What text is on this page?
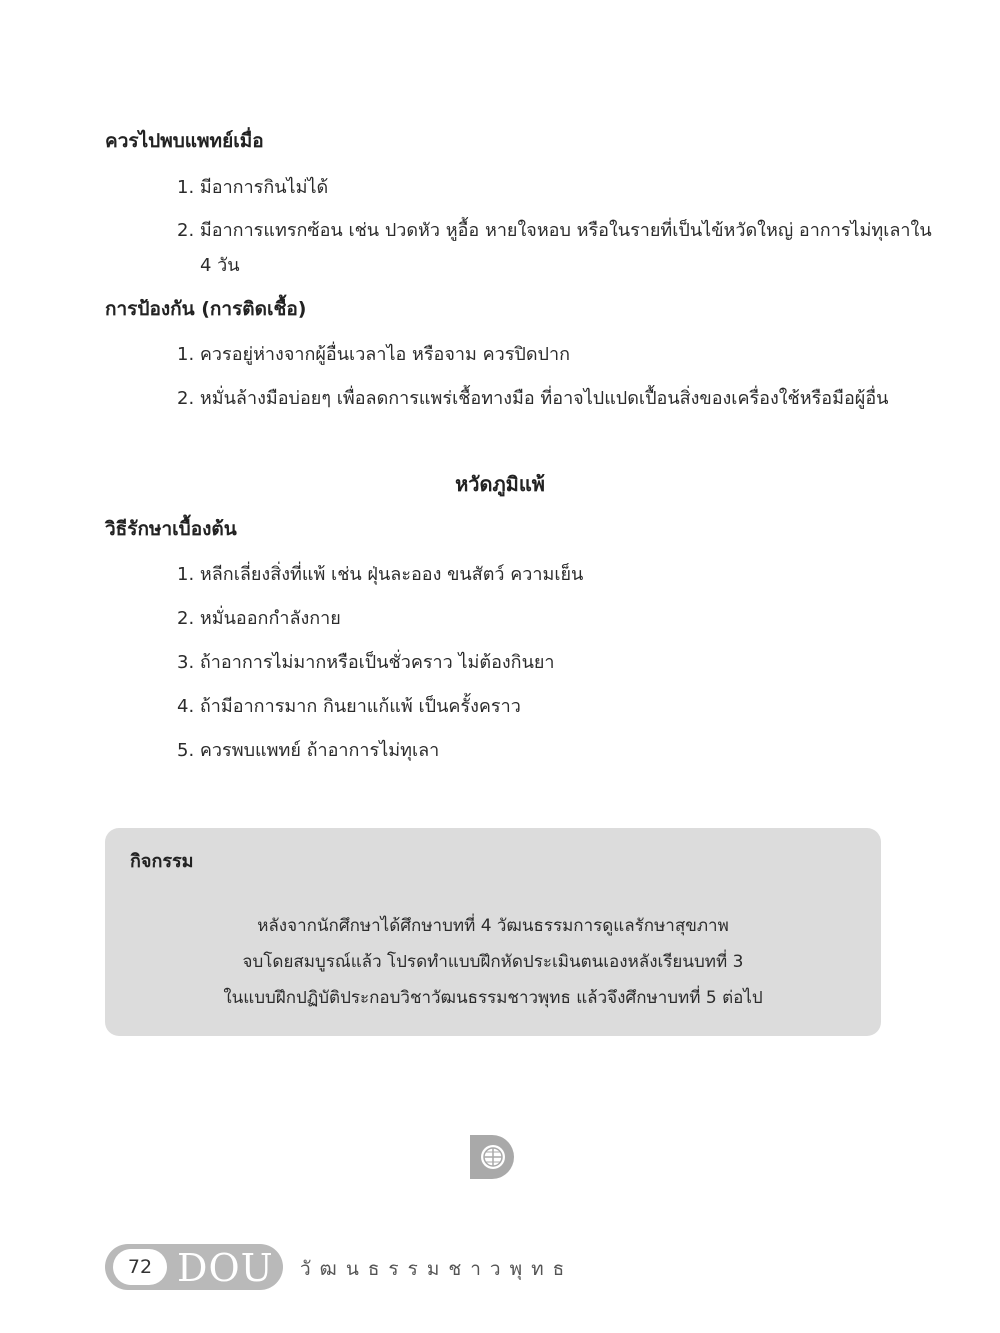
ควรไปพบแพทย์เมื่อ
1. มีอาการกินไม่ได้
2. มีอาการแทรกซ้อน เช่น ปวดหัว หูอื้อ หายใจหอบ หรือในรายที่เป็นไข้หวัดใหญ่ อาการไม่ทุเลาใน
4 วัน
การป้องกัน (การติดเชื้อ)
1. ควรอยู่ห่างจากผู้อื่นเวลาไอ หรือจาม ควรปิดปาก
2. หมั่นล้างมือบ่อยๆ เพื่อลดการแพร่เชื้อทางมือ ที่อาจไปแปดเปื้อนสิ่งของเครื่องใช้หรือมือผู้อื่น
หวัดภูมิแพ้
วิธีรักษาเบื้องต้น
1. หลีกเลี่ยงสิ่งที่แพ้ เช่น ฝุ่นละออง ขนสัตว์ ความเย็น
2. หมั่นออกกำลังกาย
3. ถ้าอาการไม่มากหรือเป็นชั่วคราว ไม่ต้องกินยา
4. ถ้ามีอาการมาก กินยาแก้แพ้ เป็นครั้งคราว
5. ควรพบแพทย์ ถ้าอาการไม่ทุเลา
กิจกรรม
หลังจากนักศึกษาได้ศึกษาบทที่ 4 วัฒนธรรมการดูแลรักษาสุขภาพ
จบโดยสมบูรณ์แล้ว โปรดทำแบบฝึกหัดประเมินตนเองหลังเรียนบทที่ 3
ในแบบฝึกปฏิบัติประกอบวิชาวัฒนธรรมชาวพุทธ แล้วจึงศึกษาบทที่ 5 ต่อไป
72 DOU วัฒนธรรมชาวพุทธ
